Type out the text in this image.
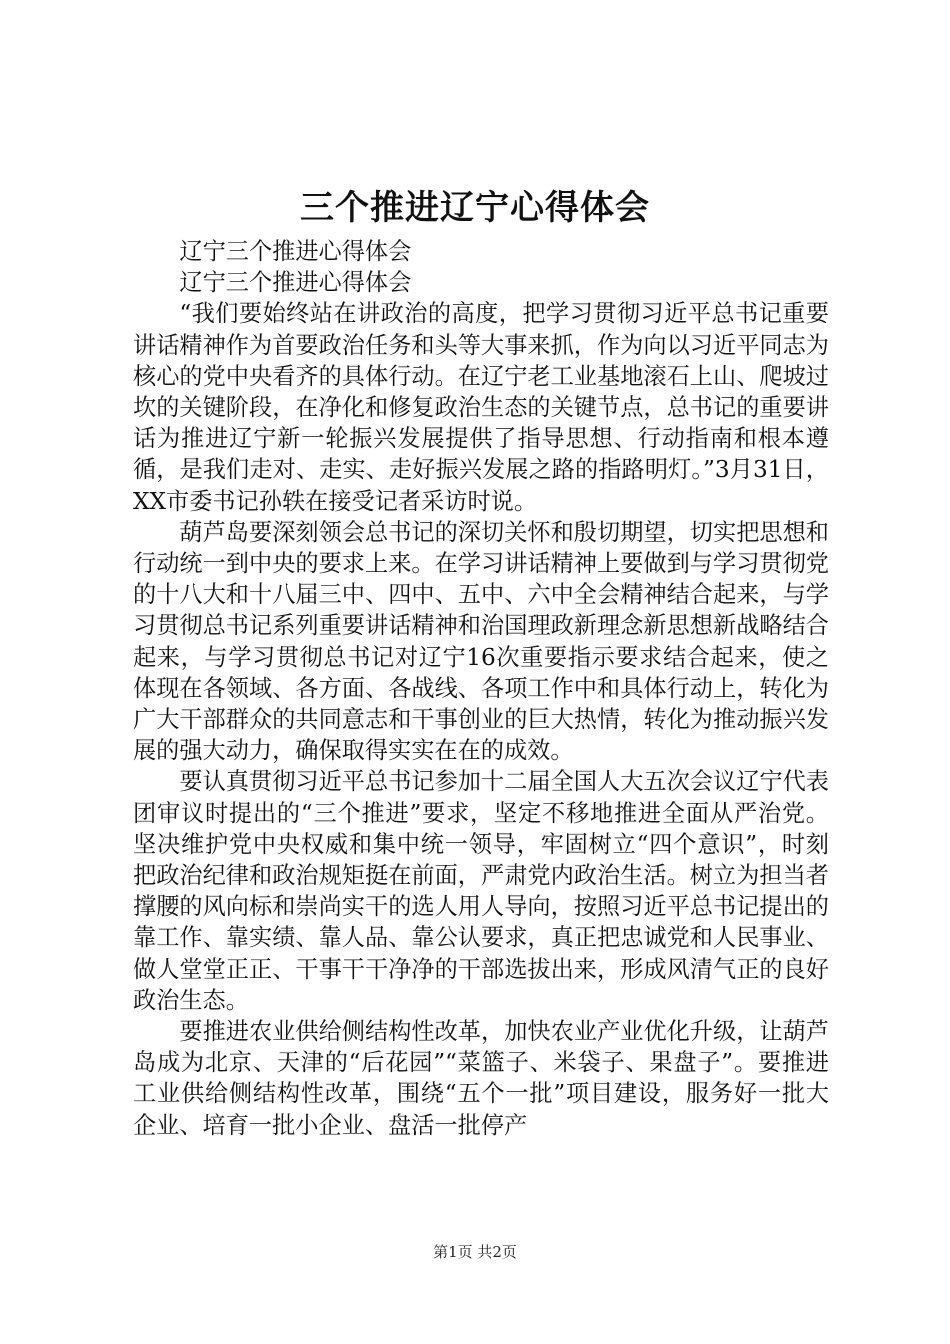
三个推进辽宁心得体会

辽宁三个推进心得体会

辽宁三个推进心得体会

“我们要始终站在讲政治的高度，把学习贯彻习近平总书记重要讲话精神作为首要政治任务和头等大事来抓，作为向以习近平同志为核心的党中央看齐的具体行动。在辽宁老工业基地滚石上山、爬坡过坎的关键阶段，在净化和修复政治生态的关键节点，总书记的重要讲话为推进辽宁新一轮振兴发展提供了指导思想、行动指南和根本遵循，是我们走对、走实、走好振兴发展之路的指路明灯。”3月31日，XX市委书记孙轶在接受记者采访时说。

葫芦岛要深刻领会总书记的深切关怀和殷切期望，切实把思想和行动统一到中央的要求上来。在学习讲话精神上要做到与学习贯彻党的十八大和十八届三中、四中、五中、六中全会精神结合起来，与学习贯彻总书记系列重要讲话精神和治国理政新理念新思想新战略结合起来，与学习贯彻总书记对辽宁16次重要指示要求结合起来，使之体现在各领域、各方面、各战线、各项工作中和具体行动上，转化为广大干部群众的共同意志和干事创业的巨大热情，转化为推动振兴发展的强大动力，确保取得实实在在的成效。

要认真贯彻习近平总书记参加十二届全国人大五次会议辽宁代表团审议时提出的“三个推进”要求，坚定不移地推进全面从严治党。坚决维护党中央权威和集中统一领导，牢固树立“四个意识”，时刻把政治纪律和政治规矩挺在前面，严肃党内政治生活。树立为担当者撑腰的风向标和崇尚实干的选人用人导向，按照习近平总书记提出的靠工作、靠实绩、靠人品、靠公认要求，真正把忠诚党和人民事业、做人堂堂正正、干事干干净净的干部选拔出来，形成风清气正的良好政治生态。

要推进农业供给侧结构性改革，加快农业产业优化升级，让葫芦岛成为北京、天津的“后花园”“菜篮子、米袋子、果盘子”。要推进工业供给侧结构性改革，围绕“五个一批”项目建设，服务好一批大企业、培育一批小企业、盘活一批停产

第1页 共2页
